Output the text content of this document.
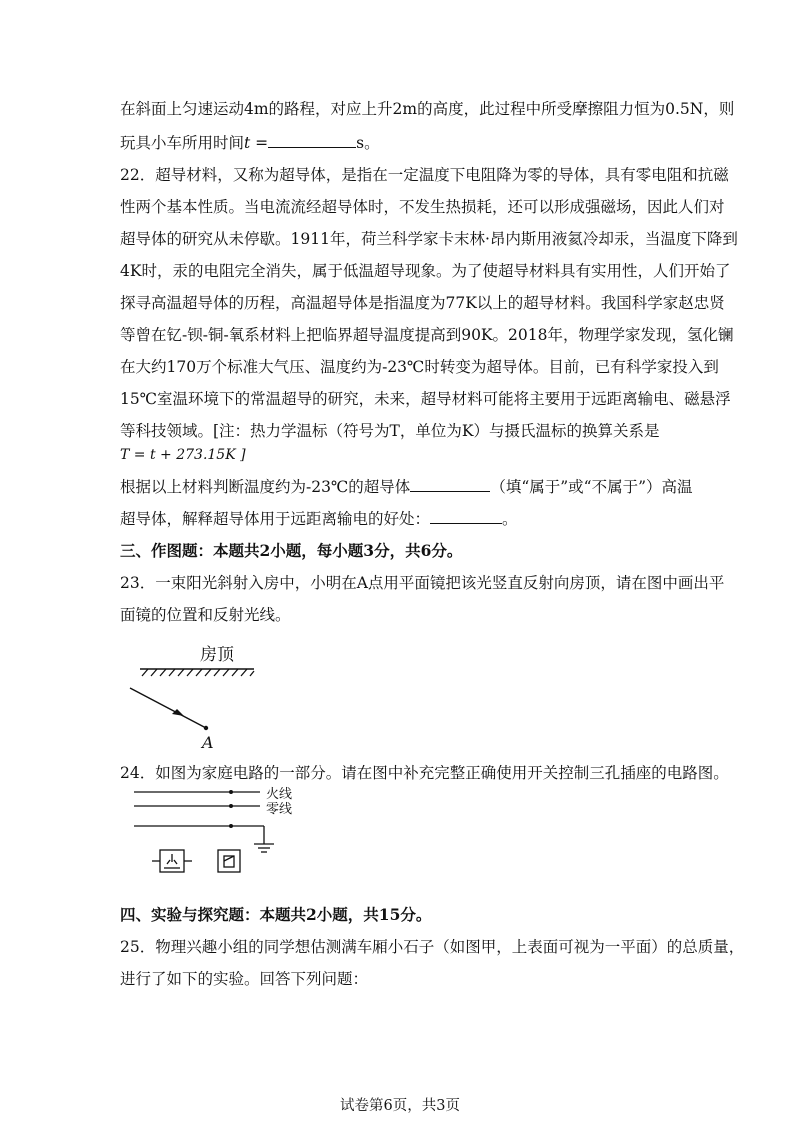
在斜面上匀速运动4m的路程，对应上升2m的高度，此过程中所受摩擦阻力恒为0.5N，则
玩具小车所用时间t =	s。
22．超导材料，又称为超导体，是指在一定温度下电阻降为零的导体，具有零电阻和抗磁
性两个基本性质。当电流流经超导体时，不发生热损耗，还可以形成强磁场，因此人们对
超导体的研究从未停歇。1911年，荷兰科学家卡末林·昂内斯用液氦冷却汞，当温度下降到
4K时，汞的电阻完全消失，属于低温超导现象。为了使超导材料具有实用性，人们开始了
探寻高温超导体的历程，高温超导体是指温度为77K以上的超导材料。我国科学家赵忠贤
等曾在钇-钡-铜-氧系材料上把临界超导温度提高到90K。2018年，物理学家发现，氢化镧
在大约170万个标准大气压、温度约为-23℃时转变为超导体。目前，已有科学家投入到
15℃室温环境下的常温超导的研究，未来，超导材料可能将主要用于远距离输电、磁悬浮
等科技领域。[注：热力学温标（符号为T，单位为K）与摄氏温标的换算关系是
T = t + 273.15K ]
根据以上材料判断温度约为-23℃的超导体	（填“属于”或“不属于”）高温
超导体，解释超导体用于远距离输电的好处：	。
三、作图题：本题共2小题，每小题3分，共6分。
23．一束阳光斜射入房中，小明在A点用平面镜把该光竖直反射向房顶，请在图中画出平
面镜的位置和反射光线。
房顶
A
24．如图为家庭电路的一部分。请在图中补充完整正确使用开关控制三孔插座的电路图。
火线
零线
四、实验与探究题：本题共2小题，共15分。
25．物理兴趣小组的同学想估测满车厢小石子（如图甲，上表面可视为一平面）的总质量，
进行了如下的实验。回答下列问题：
试卷第6页，共3页
